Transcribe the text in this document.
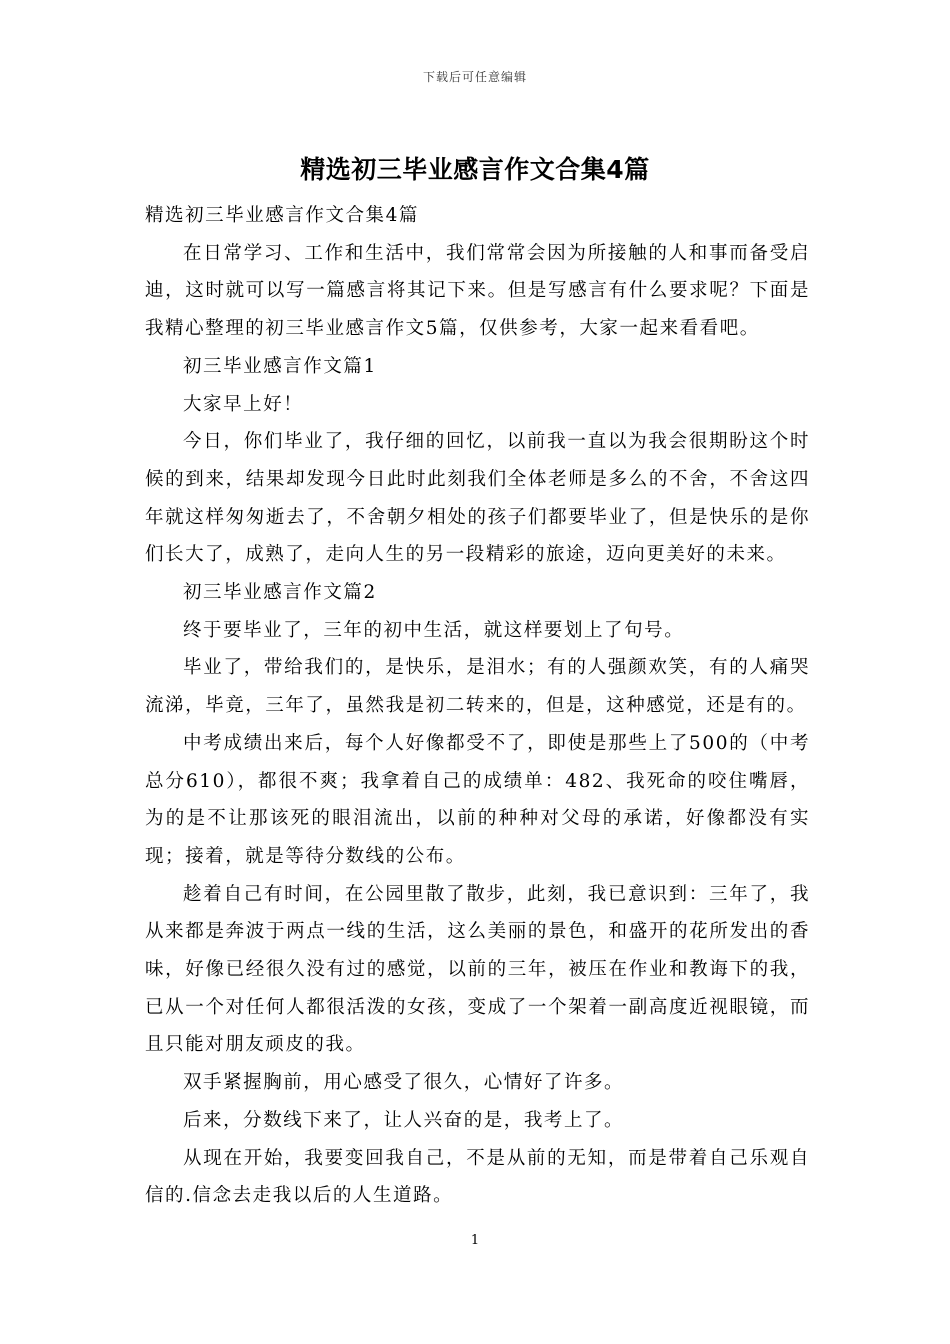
下载后可任意编辑
精选初三毕业感言作文合集4篇

精选初三毕业感言作文合集4篇

在日常学习、工作和生活中，我们常常会因为所接触的人和事而备受启迪，这时就可以写一篇感言将其记下来。但是写感言有什么要求呢？下面是我精心整理的初三毕业感言作文5篇，仅供参考，大家一起来看看吧。

初三毕业感言作文篇1

大家早上好！

今日，你们毕业了，我仔细的回忆，以前我一直以为我会很期盼这个时候的到来，结果却发现今日此时此刻我们全体老师是多么的不舍，不舍这四年就这样匆匆逝去了，不舍朝夕相处的孩子们都要毕业了，但是快乐的是你们长大了，成熟了，走向人生的另一段精彩的旅途，迈向更美好的未来。

初三毕业感言作文篇2

终于要毕业了，三年的初中生活，就这样要划上了句号。

毕业了，带给我们的，是快乐，是泪水；有的人强颜欢笑，有的人痛哭流涕，毕竟，三年了，虽然我是初二转来的，但是，这种感觉，还是有的。

中考成绩出来后，每个人好像都受不了，即使是那些上了500的（中考总分610），都很不爽；我拿着自己的成绩单：482、我死命的咬住嘴唇，为的是不让那该死的眼泪流出，以前的种种对父母的承诺，好像都没有实现；接着，就是等待分数线的公布。

趁着自己有时间，在公园里散了散步，此刻，我已意识到：三年了，我从来都是奔波于两点一线的生活，这么美丽的景色，和盛开的花所发出的香味，好像已经很久没有过的感觉，以前的三年，被压在作业和教诲下的我，已从一个对任何人都很活泼的女孩，变成了一个架着一副高度近视眼镜，而且只能对朋友顽皮的我。

双手紧握胸前，用心感受了很久，心情好了许多。

后来，分数线下来了，让人兴奋的是，我考上了。

从现在开始，我要变回我自己，不是从前的无知，而是带着自己乐观自信的.信念去走我以后的人生道路。

1
